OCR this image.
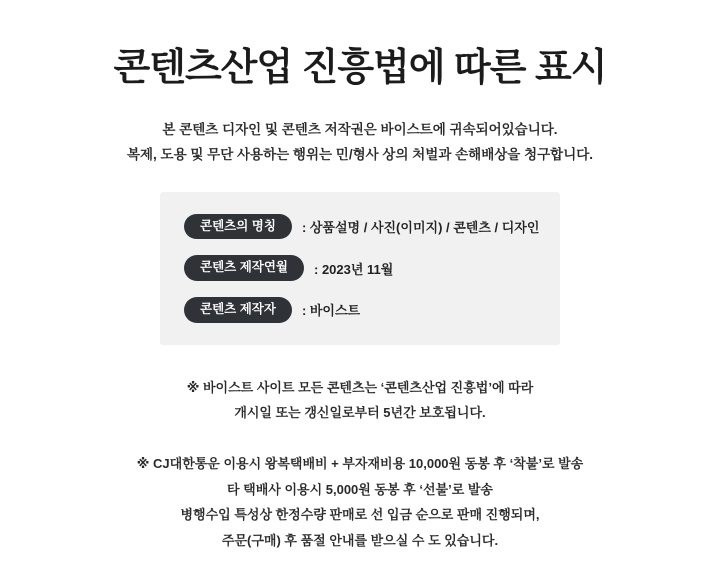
콘텐츠산업 진흥법에 따른 표시
본 콘텐츠 디자인 및 콘텐츠 저작권은 바이스트에 귀속되어있습니다.
복제, 도용 및 무단 사용하는 행위는 민/형사 상의 처벌과 손해배상을 청구합니다.
콘텐츠의 명칭	: 상품설명 / 사진(이미지) / 콘텐츠 / 디자인
콘텐츠 제작연월	: 2023년 11월
콘텐츠 제작자	: 바이스트
※ 바이스트 사이트 모든 콘텐츠는 ‘콘텐츠산업 진흥법’에 따라
개시일 또는 갱신일로부터 5년간 보호됩니다.
※ CJ대한통운 이용시 왕복택배비 + 부자재비용 10,000원 동봉 후 ‘착불’로 발송
타 택배사 이용시 5,000원 동봉 후 ‘선불’로 발송
병행수입 특성상 한정수량 판매로 선 입금 순으로 판매 진행되며,
주문(구매) 후 품절 안내를 받으실 수 도 있습니다.
